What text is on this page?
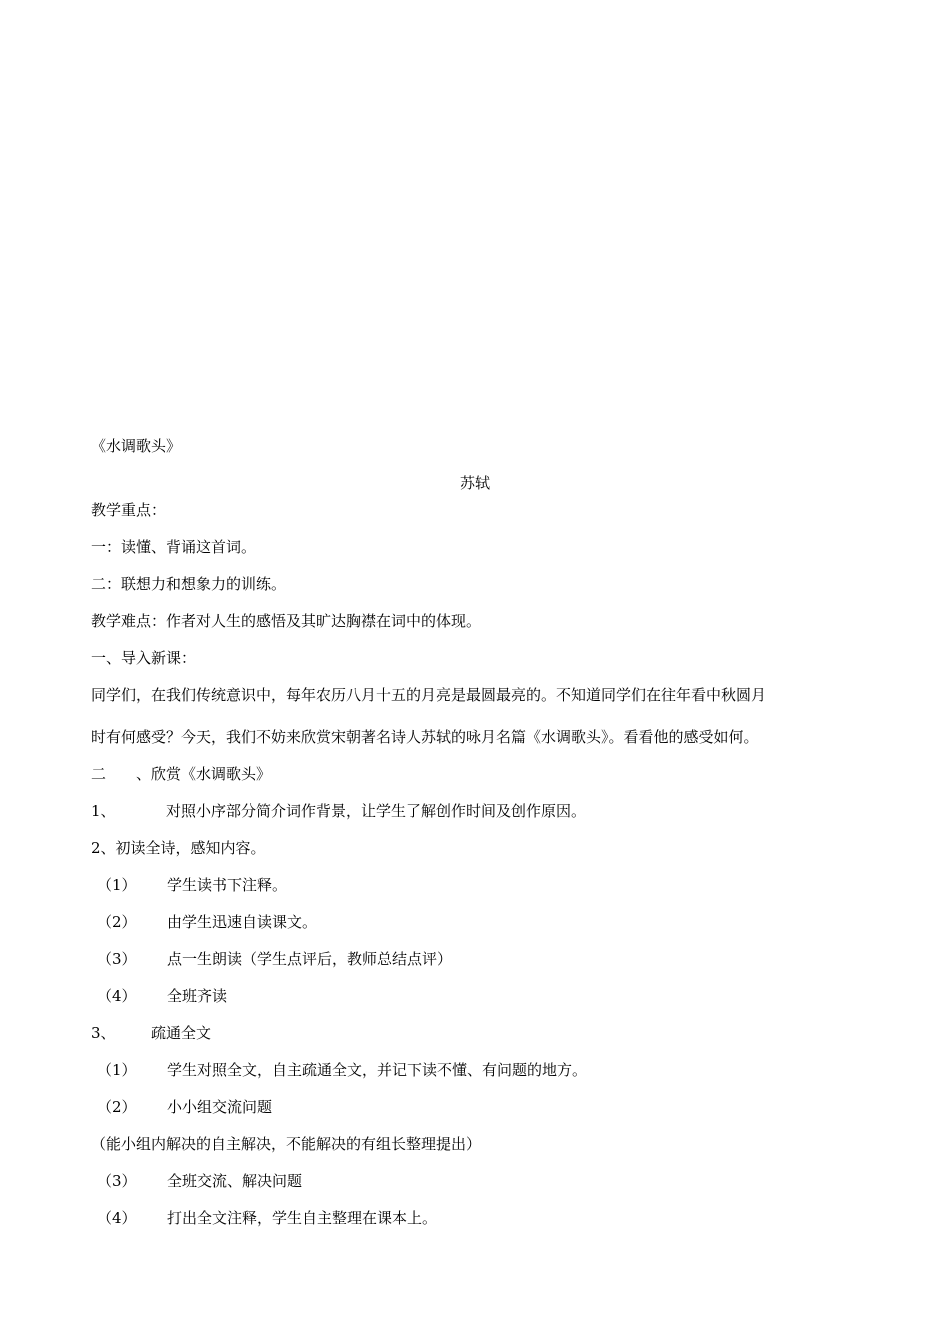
《水调歌头》
苏轼
教学重点：
一：读懂、背诵这首词。
二：联想力和想象力的训练。
教学难点：作者对人生的感悟及其旷达胸襟在词中的体现。
一、导入新课：
同学们，在我们传统意识中，每年农历八月十五的月亮是最圆最亮的。不知道同学们在往年看中秋圆月
时有何感受？今天，我们不妨来欣赏宋朝著名诗人苏轼的咏月名篇《水调歌头》。看看他的感受如何。
二　　、欣赏《水调歌头》
1、	对照小序部分简介词作背景，让学生了解创作时间及创作原因。
2、初读全诗，感知内容。
（1） 学生读书下注释。
（2） 由学生迅速自读课文。
（3） 点一生朗读（学生点评后，教师总结点评）
（4） 全班齐读
3、 疏通全文
（1） 学生对照全文，自主疏通全文，并记下读不懂、有问题的地方。
（2） 小小组交流问题
（能小组内解决的自主解决，不能解决的有组长整理提出）
（3） 全班交流、解决问题
（4） 打出全文注释，学生自主整理在课本上。
